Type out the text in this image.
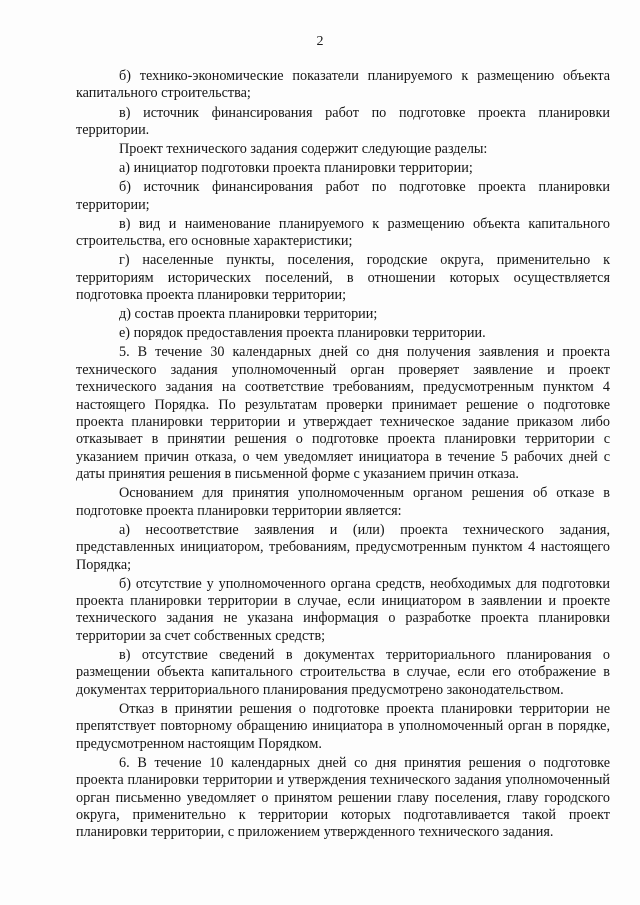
2

б) технико-экономические показатели планируемого к размещению объекта капитального строительства;

в) источник финансирования работ по подготовке проекта планировки территории.

Проект технического задания содержит следующие разделы:

а) инициатор подготовки проекта планировки территории;

б) источник финансирования работ по подготовке проекта планировки территории;

в) вид и наименование планируемого к размещению объекта капитального строительства, его основные характеристики;

г) населенные пункты, поселения, городские округа, применительно к территориям исторических поселений, в отношении которых осуществляется подготовка проекта планировки территории;

д) состав проекта планировки территории;

е) порядок предоставления проекта планировки территории.

5. В течение 30 календарных дней со дня получения заявления и проекта технического задания уполномоченный орган проверяет заявление и проект технического задания на соответствие требованиям, предусмотренным пунктом 4 настоящего Порядка. По результатам проверки принимает решение о подготовке проекта планировки территории и утверждает техническое задание приказом либо отказывает в принятии решения о подготовке проекта планировки территории с указанием причин отказа, о чем уведомляет инициатора в течение 5 рабочих дней с даты принятия решения в письменной форме с указанием причин отказа.

Основанием для принятия уполномоченным органом решения об отказе в подготовке проекта планировки территории является:

а) несоответствие заявления и (или) проекта технического задания, представленных инициатором, требованиям, предусмотренным пунктом 4 настоящего Порядка;

б) отсутствие у уполномоченного органа средств, необходимых для подготовки проекта планировки территории в случае, если инициатором в заявлении и проекте технического задания не указана информация о разработке проекта планировки территории за счет собственных средств;

в) отсутствие сведений в документах территориального планирования о размещении объекта капитального строительства в случае, если его отображение в документах территориального планирования предусмотрено законодательством.

Отказ в принятии решения о подготовке проекта планировки территории не препятствует повторному обращению инициатора в уполномоченный орган в порядке, предусмотренном настоящим Порядком.

6. В течение 10 календарных дней со дня принятия решения о подготовке проекта планировки территории и утверждения технического задания уполномоченный орган письменно уведомляет о принятом решении главу поселения, главу городского округа, применительно к территории которых подготавливается такой проект планировки территории, с приложением утвержденного технического задания.
